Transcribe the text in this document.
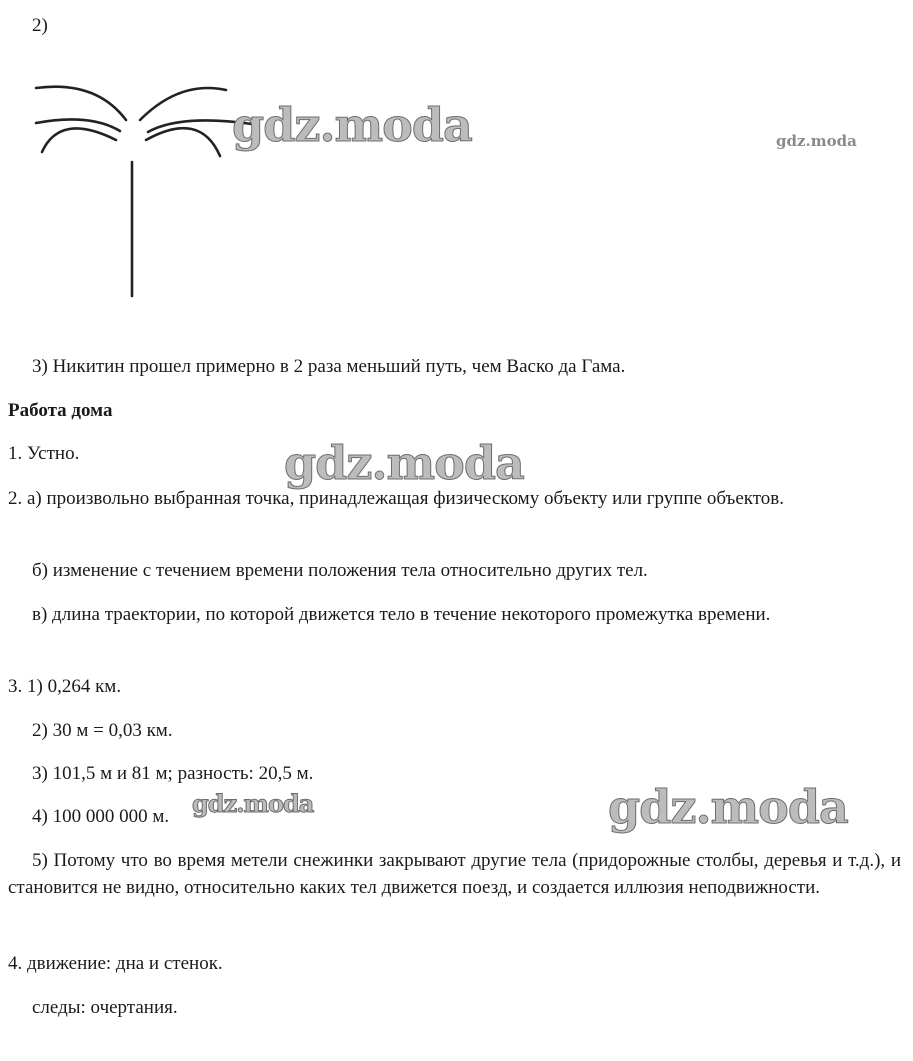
2)
3) Никитин прошел примерно в 2 раза меньший путь, чем Васко да Гама.
Работа дома
1. Устно.
2. а) произвольно выбранная точка, принадлежащая физическому объекту или группе объектов.
б) изменение с течением времени положения тела относительно других тел.
в) длина траектории, по которой движется тело в течение некоторого промежутка времени.
3. 1) 0,264 км.
2) 30 м = 0,03 км.
3) 101,5 м и 81 м; разность: 20,5 м.
4) 100 000 000 м.
5) Потому что во время метели снежинки закрывают другие тела (придорожные столбы, деревья и т.д.), и становится не видно, относительно каких тел движется поезд, и создается иллюзия неподвижности.
4. движение: дна и стенок.
следы: очертания.
gdz.moda	gdz.moda
gdz.moda
gdz.moda	gdz.moda
